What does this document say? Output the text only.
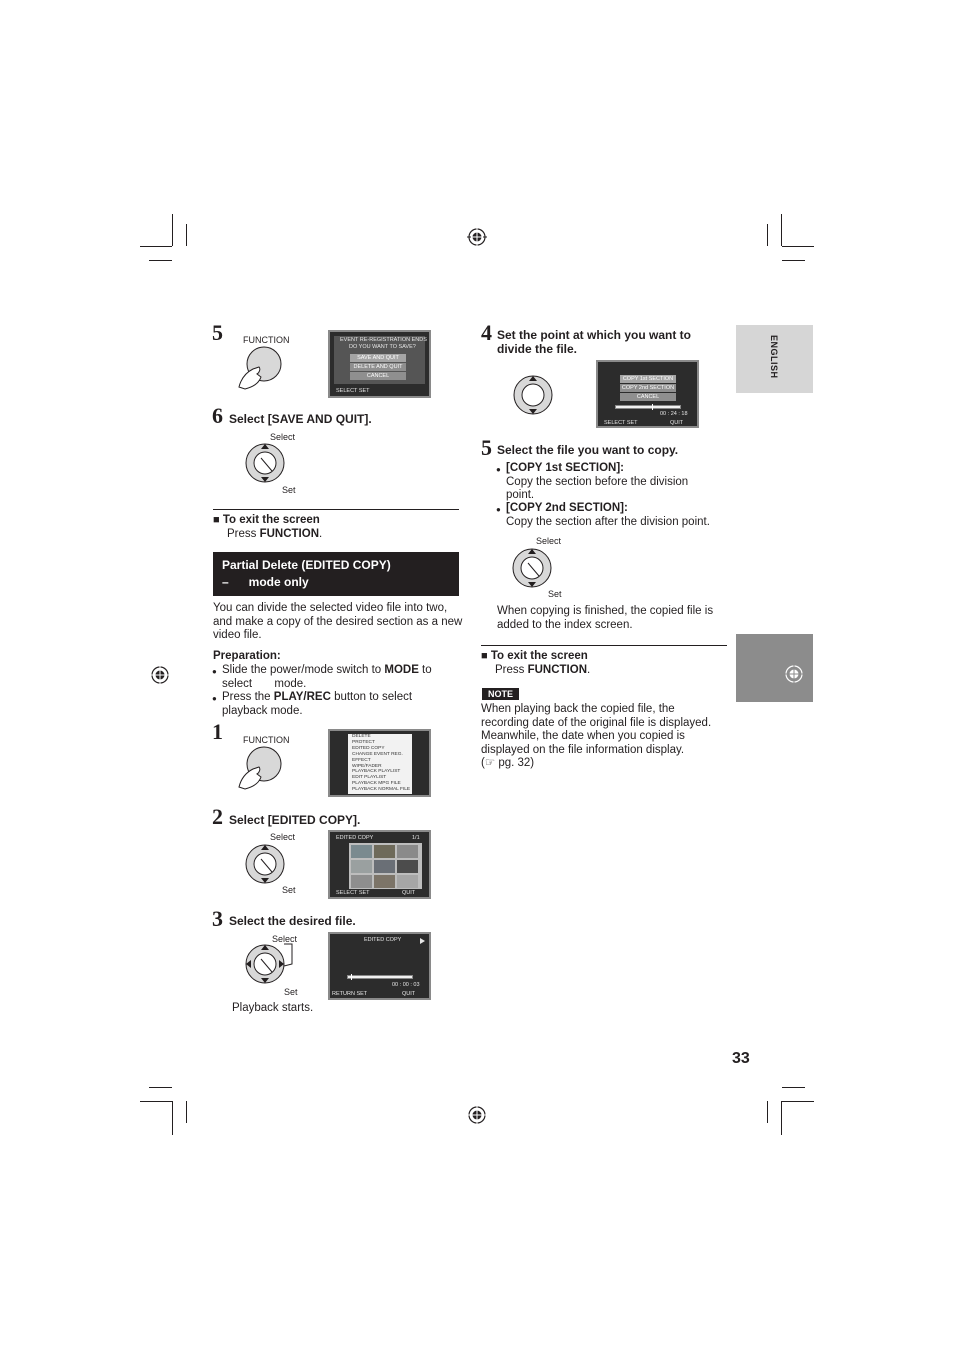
ENGLISH
33
5 FUNCTION	EVENT RE-REGISTRATION ENDS
DO YOU WANT TO SAVE?
SAVE AND QUIT
DELETE AND QUIT
CANCEL
SELECT SET
6 Select [SAVE AND QUIT].
Select
Set
■ To exit the screen
Press FUNCTION.
Partial Delete (EDITED COPY)
–      mode only
You can divide the selected video file into two, and make a copy of the desired section as a new video file.
Preparation:
● Slide the power/mode switch to MODE to
select       mode.
● Press the PLAY/REC button to select
playback mode.
1 FUNCTION	DELETE
PROTECT
EDITED COPY
CHANGE EVENT REG.
EFFECT
WIPE/FADER
PLAYBACK PLAYLIST
EDIT PLAYLIST
PLAYBACK MPG FILE
PLAYBACK NORMAL FILE
2 Select [EDITED COPY].
Select
Set
EDITED COPY	1/1
SELECT SET	QUIT
3 Select the desired file.
Select
Set
EDITED COPY
00 : 00 : 03
RETURN SET	QUIT
Playback starts.
4 Set the point at which you want to
divide the file.
COPY 1st SECTION
COPY 2nd SECTION
CANCEL
00 : 24 : 18
SELECT SET	QUIT
5 Select the file you want to copy.
● [COPY 1st SECTION]:
Copy the section before the division
point.
● [COPY 2nd SECTION]:
Copy the section after the division point.
Select
Set
When copying is finished, the copied file is
added to the index screen.
■ To exit the screen
Press FUNCTION.
NOTE
When playing back the copied file, the
recording date of the original file is displayed.
Meanwhile, the date when you copied is
displayed on the file information display.
(☞ pg. 32)
